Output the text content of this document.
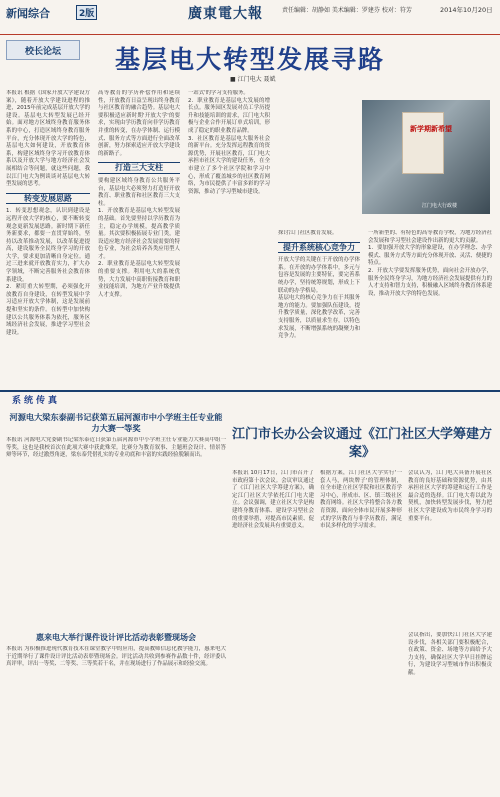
新闻综合	2版	廣東電大報	责任编辑：胡静如 美术编辑：罗建芬 校对：符芳	2014年10月20日
校长论坛	基层电大转型发展寻路
■ 江门电大 聂斌
本报讯 根据《国家开放大学建设方案》，随着开放大学建设进程的推进，2015年前完成基层开放大学的建设。基层电大转型发展已经开始。面对地方区域终身教育服务体系的中心，打造区域终身教育服务平台，充分体现开放大学的特色，基层电大如何建设，开放教育体系，构建区域终身学习开放教育体系以及开放大学与地方经济社会发展相结合等问题，就这些问题，我以江门电大为例谈谈对基层电大转型发展的思考。
转变发展思路
1．转变思想观念，认识到建设是远程开放大学的核心，要不断转变观念更新发展思路。新时期下新任务新要求，都要一直贯穿始终，坚持以改革推动发展，以改革促进提高，建设服务全民终身学习的开放大学，要求更加清晰自身定位。通过三进来就开放教育实力，扩大办学领域，不断完善服务社会教育体系建设。
2．紧盯重大转型期，必须强化开放教育自身建设，在转型发展中学习适应开放大学体制，这是发展前提和坚实的条件。在转型中加快构建以公共服务体系为依托，服务区域经济社会发展，推进学习型社会建设。
高等教育的学历补偿作用和延续性，开放教育日益呈现出终身教育与社区教育的融合趋势。基层电大要积极适应新时期'开放大学'的要求，实现由学历教育向非学历教育并重的转变，在办学体制、运行模式、服务方式等方面进行全面改革创新，努力探索适应开放大学建设的新路子。
打造三大支柱
要构建区域终身教育公共服务平台，基层电大必须努力打造好开放教育、职业教育和社区教育三大支柱。
1．开放教育是基层电大转型发展的基础。首先要坚持以学历教育为主，稳定办学规模，提高教学质量。其次要积极拓展专业门类，建设适应地方经济社会发展需要的特色专业，为社会培养各类应用型人才。
2．职业教育是基层电大转型发展的重要支撑。利用电大的系统优势，大力发展中高职衔接教育和职业技能培训，为地方产业升级提供人才支撑。
一站式'的学习支持服务。
2．职业教育是基层电大发展的增长点。服务园区发展对员工学历提升和技能培训的需求，江门电大积极与企业合作开展订单式培训，形成了稳定的职业教育品牌。
3．社区教育是基层电大服务社会的新平台。充分发挥远程教育的资源优势，开展社区教育，江门电大承担市社区大学的建设任务，在全市建立了多个社区学院和学习中心，形成了覆盖城乡的社区教育网络，为市民提供了丰富多彩的学习资源，推动了学习型城市建设。
探讨江门社区教育发展。
提升系统核心竞争力
开放大学的关键在于开放的办学体系。在开放的办学体系中，多元与包容是发展的主要特征，要完善系统办学，坚持统筹规划，形成上下联动的办学格局。
基层电大的核心竞争力在于其服务地方的能力。要加强队伍建设，提升教学质量，深化教学改革，完善支持服务，以质量求生存，以特色求发展，不断增强系统的凝聚力和竞争力。
新学期新希望
江门电大行政楼
一所新型的、有特色的高等教育学校，为地方经济社会发展和学习型社会建设作出新的更大的贡献。
1．要加强开放大学的形象建设，在办学理念、办学模式、服务方式等方面充分体现开放、灵活、便捷的特点。
2．开放大学要发挥服务优势，面向社会开放办学，服务全民终身学习，为地方经济社会发展提供有力的人才支持和智力支持，积极融入区域终身教育体系建设，推动开放大学的特色发展。
系统传真
河源电大梁东泰副书记获第五届河源市中小学班主任专业能力大赛一等奖
本报讯 河源电大党委副书记梁东泰近日获第五届河源市中小学班主任专业能力大赛高中组一等奖，这也是我校首次在此项大赛中获此殊荣。比赛分为教育叙事、主题班会设计、情景答辩等环节，经过激烈角逐，梁东泰凭借扎实的专业功底和丰富的实践经验脱颖而出。
惠来电大举行课件设计评比活动表彰暨现场会
本报讯 为积极推进现代教育技术在课堂教学中的应用，提高教师信息化教学能力，惠来电大于近期举行了课件设计评比活动表彰暨现场会。评比活动共收到参赛作品数十件，经评委认真评审，评出一等奖、二等奖、三等奖若干名，并在现场进行了作品展示和经验交流。
江门市长办公会议通过《江门社区大学筹建方案》
本报讯 10月17日，江门市召开了市政府第十次会议。会议审议通过了《江门社区大学筹建方案》，确定江门社区大学依托江门电大建立。会议强调，建立社区大学是构建终身教育体系、建设学习型社会的重要举措，对提高市民素质、促进经济社会发展具有重要意义。
根据方案，江门社区大学实行'一套人马，两块牌子'的管理体制，在全市建立社区学院和社区教育学习中心，形成市、区、镇三级社区教育网络。社区大学将整合各方教育资源，面向全体市民开展多种形式的学历教育与非学历教育，满足市民多样化的学习需求。
会议认为，江门电大具备开展社区教育的良好基础和资源优势，由其承担社区大学的筹建和运行工作是最合适的选择。江门电大将以此为契机，加快转型发展步伐，努力把社区大学建设成为市民终身学习的重要平台。
会议指出，要加快江门社区大学建设步伐，各相关部门要积极配合，在政策、资金、场地等方面给予大力支持，确保社区大学早日挂牌运行，为建设学习型城市作出积极贡献。
